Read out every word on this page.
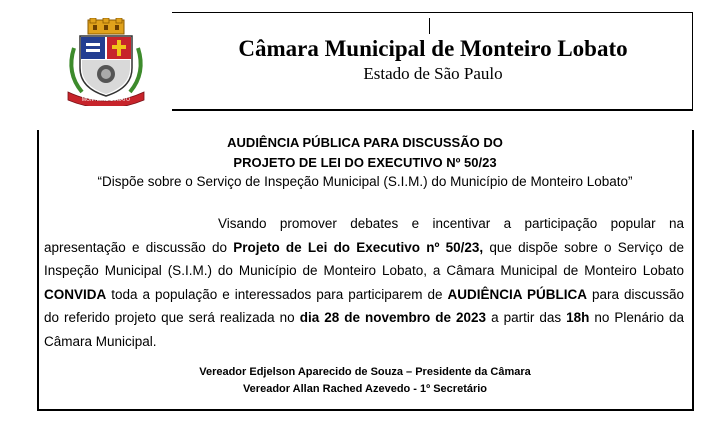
MONTEIRO LOBATO
Câmara Municipal de Monteiro Lobato
Estado de São Paulo
AUDIÊNCIA PÚBLICA PARA DISCUSSÃO DO
PROJETO DE LEI DO EXECUTIVO Nº 50/23
“Dispõe sobre o Serviço de Inspeção Municipal (S.I.M.) do Município de Monteiro Lobato”

Visando promover debates e incentivar a participação popular na apresentação e discussão do Projeto de Lei do Executivo nº 50/23, que dispõe sobre o Serviço de Inspeção Municipal (S.I.M.) do Município de Monteiro Lobato, a Câmara Municipal de Monteiro Lobato CONVIDA toda a população e interessados para participarem de AUDIÊNCIA PÚBLICA para discussão do referido projeto que será realizada no dia 28 de novembro de 2023 a partir das 18h no Plenário da Câmara Municipal.

Vereador Edjelson Aparecido de Souza – Presidente da Câmara
Vereador Allan Rached Azevedo - 1º Secretário
